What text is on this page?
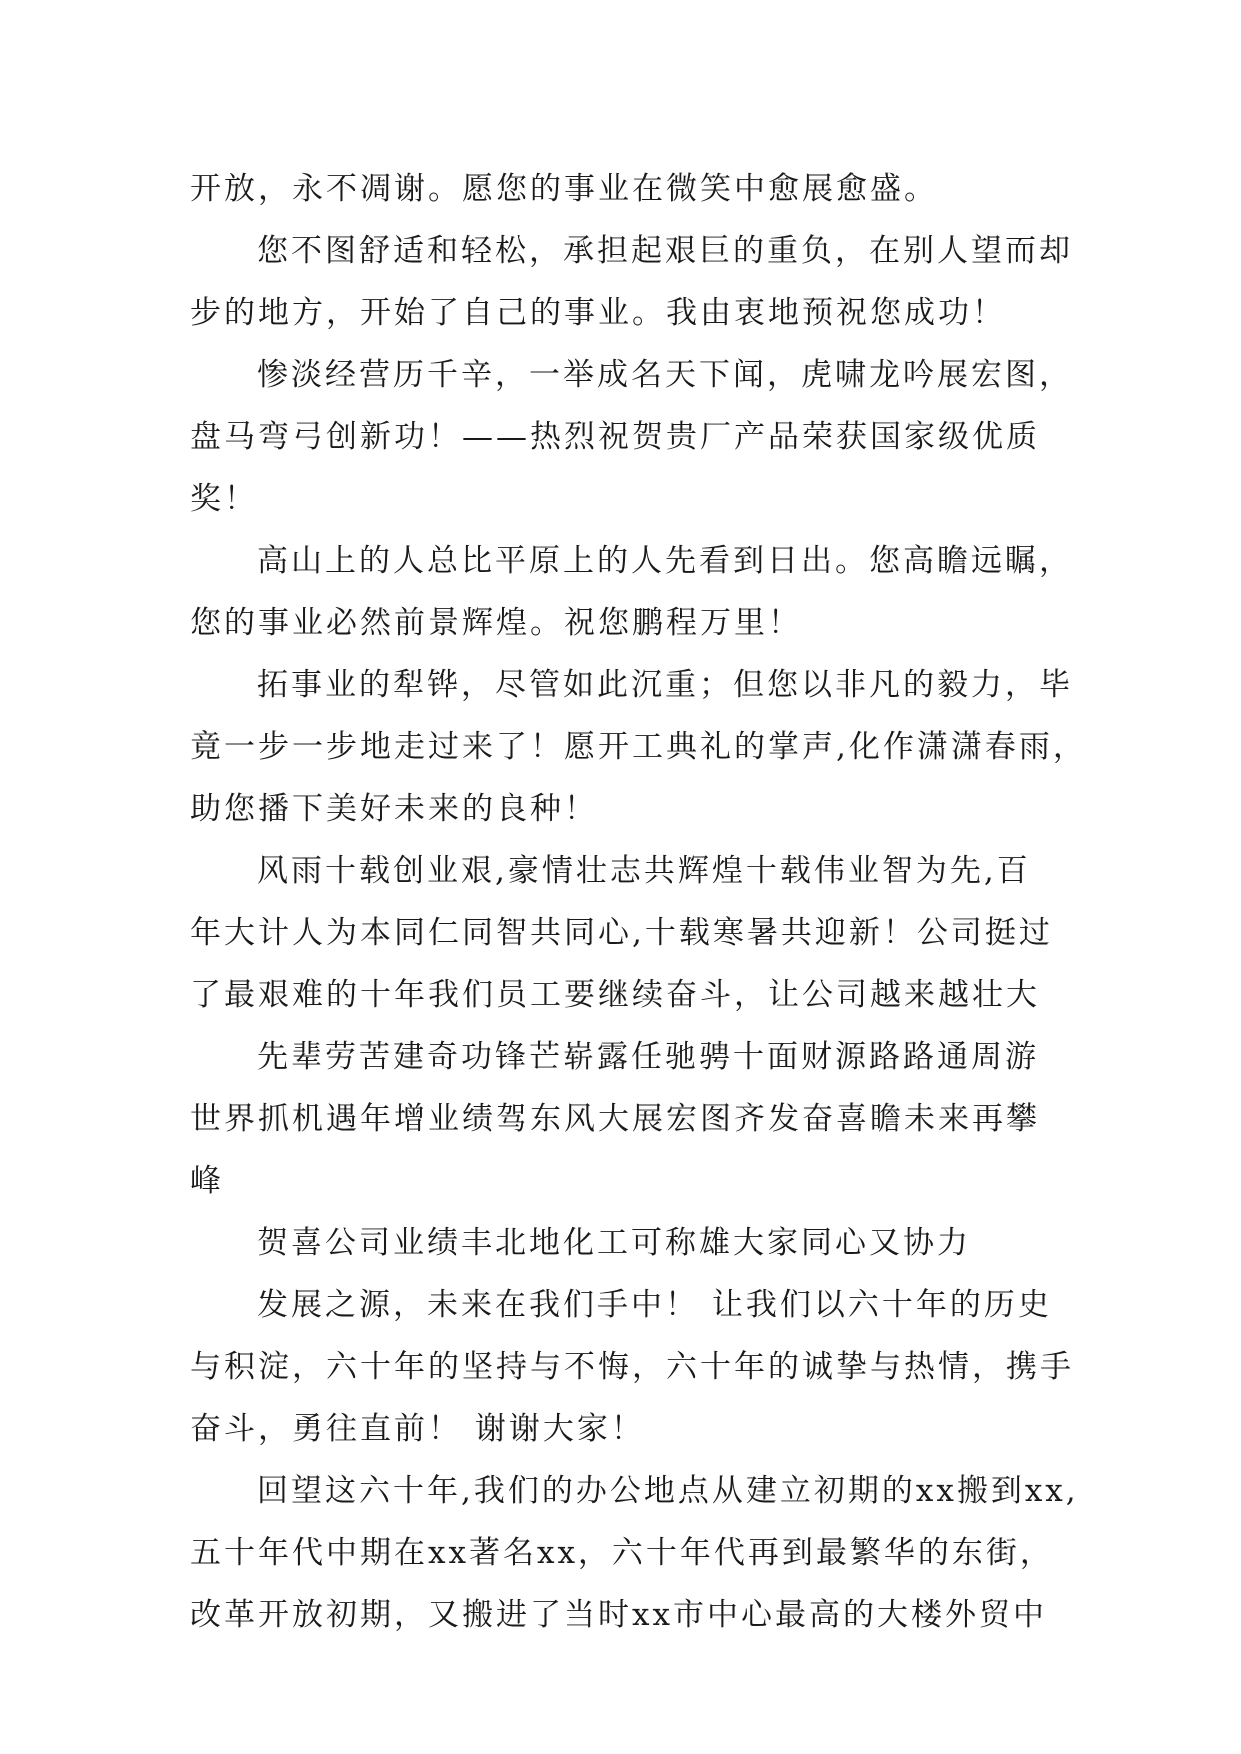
开放，永不凋谢。愿您的事业在微笑中愈展愈盛。
您不图舒适和轻松，承担起艰巨的重负，在别人望而却
步的地方，开始了自己的事业。我由衷地预祝您成功！
惨淡经营历千辛，一举成名天下闻，虎啸龙吟展宏图，
盘马弯弓创新功！——热烈祝贺贵厂产品荣获国家级优质
奖！
高山上的人总比平原上的人先看到日出。您高瞻远瞩，
您的事业必然前景辉煌。祝您鹏程万里！
拓事业的犁铧，尽管如此沉重；但您以非凡的毅力，毕
竟一步一步地走过来了！愿开工典礼的掌声,化作潇潇春雨，
助您播下美好未来的良种！
风雨十载创业艰,豪情壮志共辉煌十载伟业智为先,百
年大计人为本同仁同智共同心,十载寒暑共迎新！公司挺过
了最艰难的十年我们员工要继续奋斗，让公司越来越壮大
先辈劳苦建奇功锋芒崭露任驰骋十面财源路路通周游
世界抓机遇年增业绩驾东风大展宏图齐发奋喜瞻未来再攀
峰
贺喜公司业绩丰北地化工可称雄大家同心又协力
发展之源，未来在我们手中！ 让我们以六十年的历史
与积淀，六十年的坚持与不悔，六十年的诚挚与热情，携手
奋斗，勇往直前！ 谢谢大家！
回望这六十年,我们的办公地点从建立初期的xx搬到xx,
五十年代中期在xx著名xx，六十年代再到最繁华的东街，
改革开放初期，又搬进了当时xx市中心最高的大楼外贸中
